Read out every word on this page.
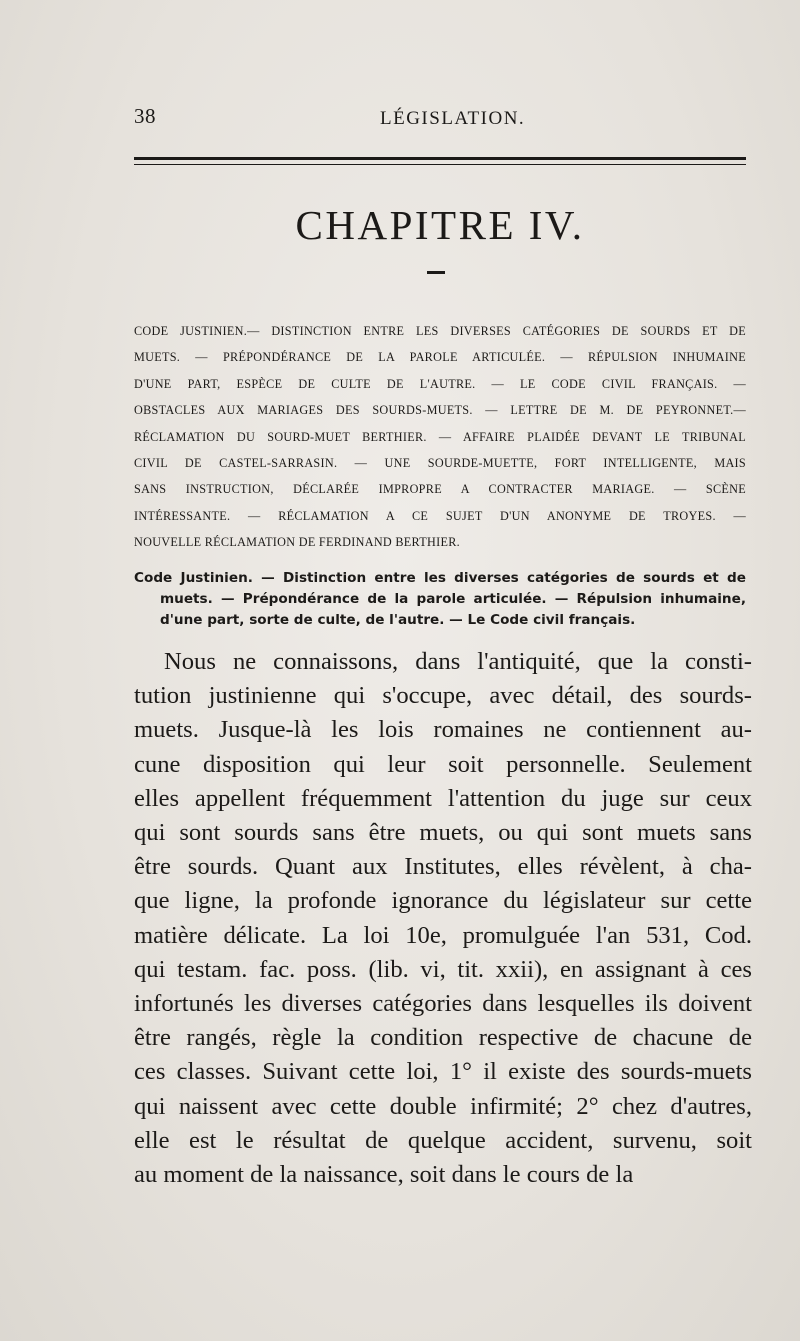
38	LÉGISLATION.
CHAPITRE IV.
CODE JUSTINIEN.— DISTINCTION ENTRE LES DIVERSES CATÉGORIES DE SOURDS ET DE
MUETS. — PRÉPONDÉRANCE DE LA PAROLE ARTICULÉE. — RÉPULSION INHUMAINE
D'UNE PART, ESPÈCE DE CULTE DE L'AUTRE. — LE CODE CIVIL FRANÇAIS. —
OBSTACLES AUX MARIAGES DES SOURDS-MUETS. — LETTRE DE M. DE PEYRONNET.—
RÉCLAMATION DU SOURD-MUET BERTHIER. — AFFAIRE PLAIDÉE DEVANT LE TRIBUNAL
CIVIL DE CASTEL-SARRASIN. — UNE SOURDE-MUETTE, FORT INTELLIGENTE, MAIS
SANS INSTRUCTION, DÉCLARÉE IMPROPRE A CONTRACTER MARIAGE. — SCÈNE
INTÉRESSANTE. — RÉCLAMATION A CE SUJET D'UN ANONYME DE TROYES. —
NOUVELLE RÉCLAMATION DE FERDINAND BERTHIER.
Code Justinien. — Distinction entre les diverses catégories de sourds et de
muets. — Prépondérance de la parole articulée. — Répulsion inhumaine,
d'une part, sorte de culte, de l'autre. — Le Code civil français.
Nous ne connaissons, dans l'antiquité, que la consti-
tution justinienne qui s'occupe, avec détail, des sourds-
muets. Jusque-là les lois romaines ne contiennent au-
cune disposition qui leur soit personnelle. Seulement
elles appellent fréquemment l'attention du juge sur ceux
qui sont sourds sans être muets, ou qui sont muets sans
être sourds. Quant aux Institutes, elles révèlent, à cha-
que ligne, la profonde ignorance du législateur sur cette
matière délicate. La loi 10e, promulguée l'an 531, Cod.
qui testam. fac. poss. (lib. vi, tit. xxii), en assignant à ces
infortunés les diverses catégories dans lesquelles ils doivent
être rangés, règle la condition respective de chacune de
ces classes. Suivant cette loi, 1° il existe des sourds-muets
qui naissent avec cette double infirmité; 2° chez d'autres,
elle est le résultat de quelque accident, survenu, soit
au moment de la naissance, soit dans le cours de la
